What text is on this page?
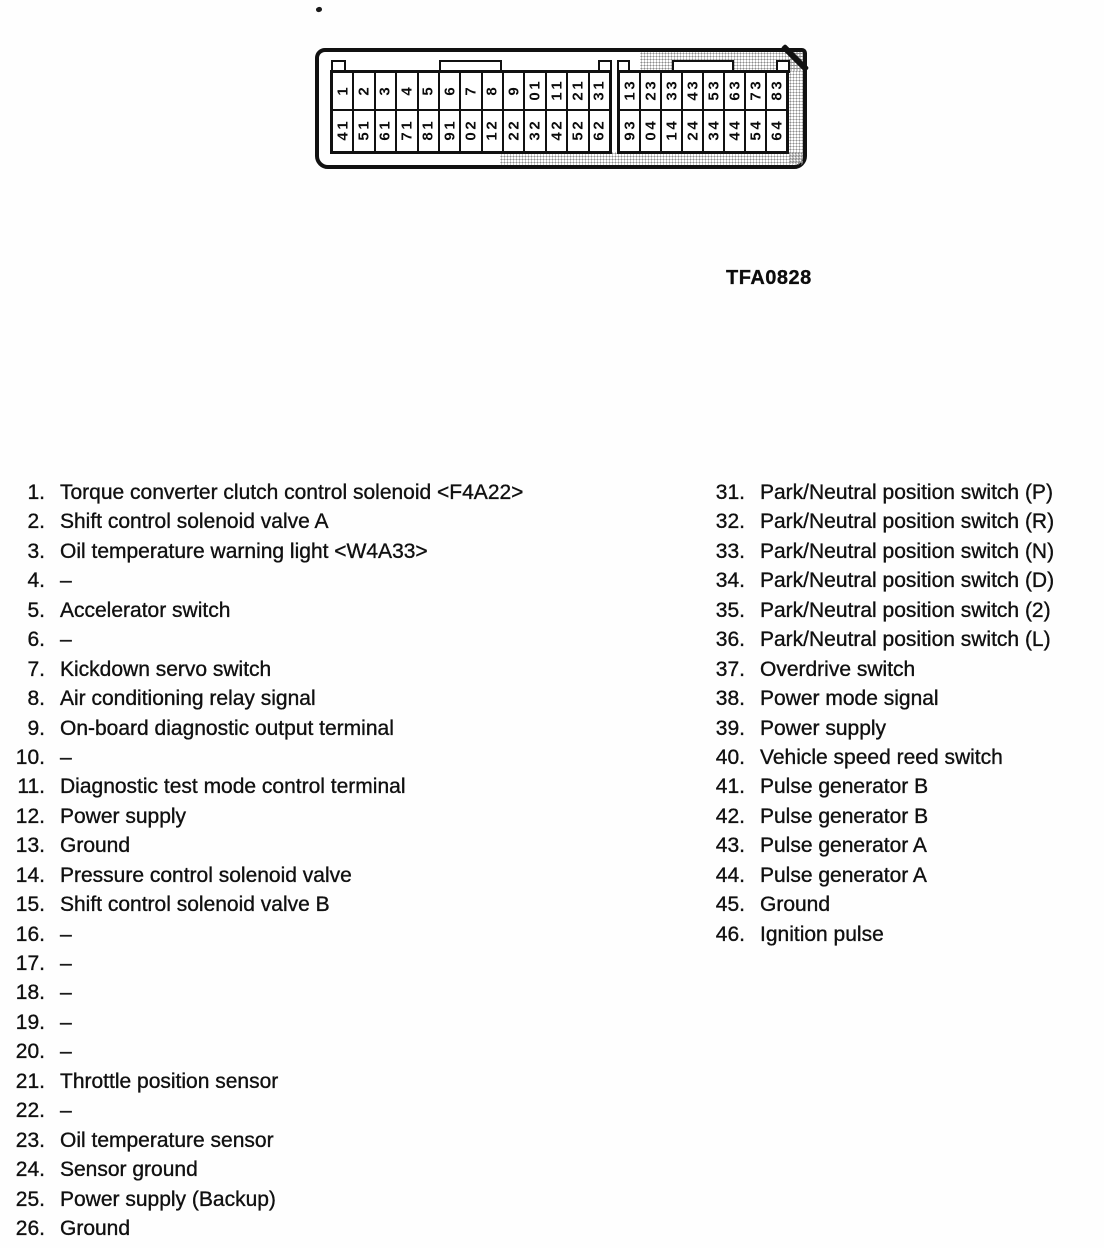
1
1
4
2
1
5
3
1
6
4
1
7
5
1
8
6
1
9
7
2
0
8
2
1
9
2
2
1
0
2
3
1
1
2
4
1
2
2
5
1
3
2
6
3
1
3
9
3
2
4
0
3
3
4
1
3
4
4
2
3
5
4
3
3
6
4
4
3
7
4
5
3
8
4
6
TFA0828
1. Torque converter clutch control solenoid <F4A22>
2. Shift control solenoid valve A
3. Oil temperature warning light <W4A33>
4. –
5. Accelerator switch
6. –
7. Kickdown servo switch
8. Air conditioning relay signal
9. On-board diagnostic output terminal
10. –
11. Diagnostic test mode control terminal
12. Power supply
13. Ground
14. Pressure control solenoid valve
15. Shift control solenoid valve B
16. –
17. –
18. –
19. –
20. –
21. Throttle position sensor
22. –
23. Oil temperature sensor
24. Sensor ground
25. Power supply (Backup)
26. Ground
31. Park/Neutral position switch (P)
32. Park/Neutral position switch (R)
33. Park/Neutral position switch (N)
34. Park/Neutral position switch (D)
35. Park/Neutral position switch (2)
36. Park/Neutral position switch (L)
37. Overdrive switch
38. Power mode signal
39. Power supply
40. Vehicle speed reed switch
41. Pulse generator B
42. Pulse generator B
43. Pulse generator A
44. Pulse generator A
45. Ground
46. Ignition pulse
